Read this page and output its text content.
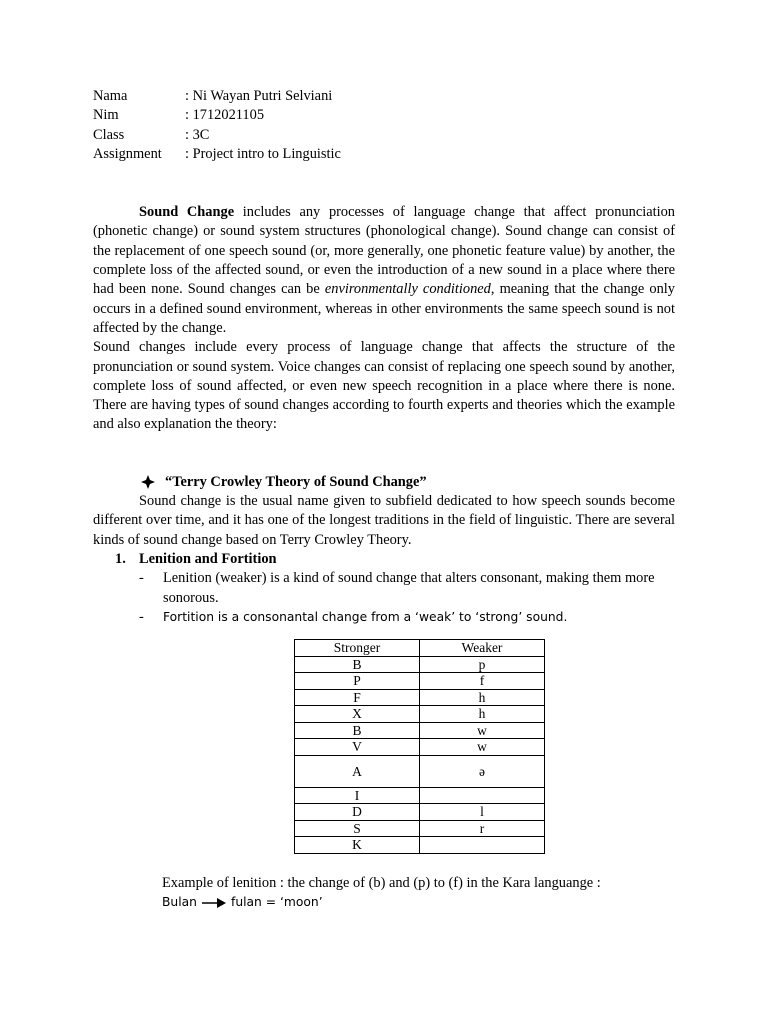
Nama	: Ni Wayan Putri Selviani
Nim	: 1712021105
Class	: 3C
Assignment	: Project intro to Linguistic

Sound Change includes any processes of language change that affect pronunciation (phonetic change) or sound system structures (phonological change). Sound change can consist of the replacement of one speech sound (or, more generally, one phonetic feature value) by another, the complete loss of the affected sound, or even the introduction of a new sound in a place where there had been none. Sound changes can be environmentally conditioned, meaning that the change only occurs in a defined sound environment, whereas in other environments the same speech sound is not affected by the change.

Sound changes include every process of language change that affects the structure of the pronunciation or sound system. Voice changes can consist of replacing one speech sound by another, complete loss of sound affected, or even new speech recognition in a place where there is none. There are having types of sound changes according to fourth experts and theories which the example and also explanation the theory:

“Terry Crowley Theory of Sound Change”

Sound change is the usual name given to subfield dedicated to how speech sounds become different over time, and it has one of the longest traditions in the field of linguistic. There are several kinds of sound change based on Terry Crowley Theory.

1. Lenition and Fortition
-	Lenition (weaker) is a kind of sound change that alters consonant, making them more sonorous.
-	Fortition is a consonantal change from a ‘weak’ to ‘strong’ sound.
Stronger	Weaker
B	p
P	f
F	h
X	h
B	w
V	w
A	ə
I	
D	l
S	r
K	
Example of lenition : the change of (b) and (p) to (f) in the Kara languange :
Bulan	fulan = ‘moon’
